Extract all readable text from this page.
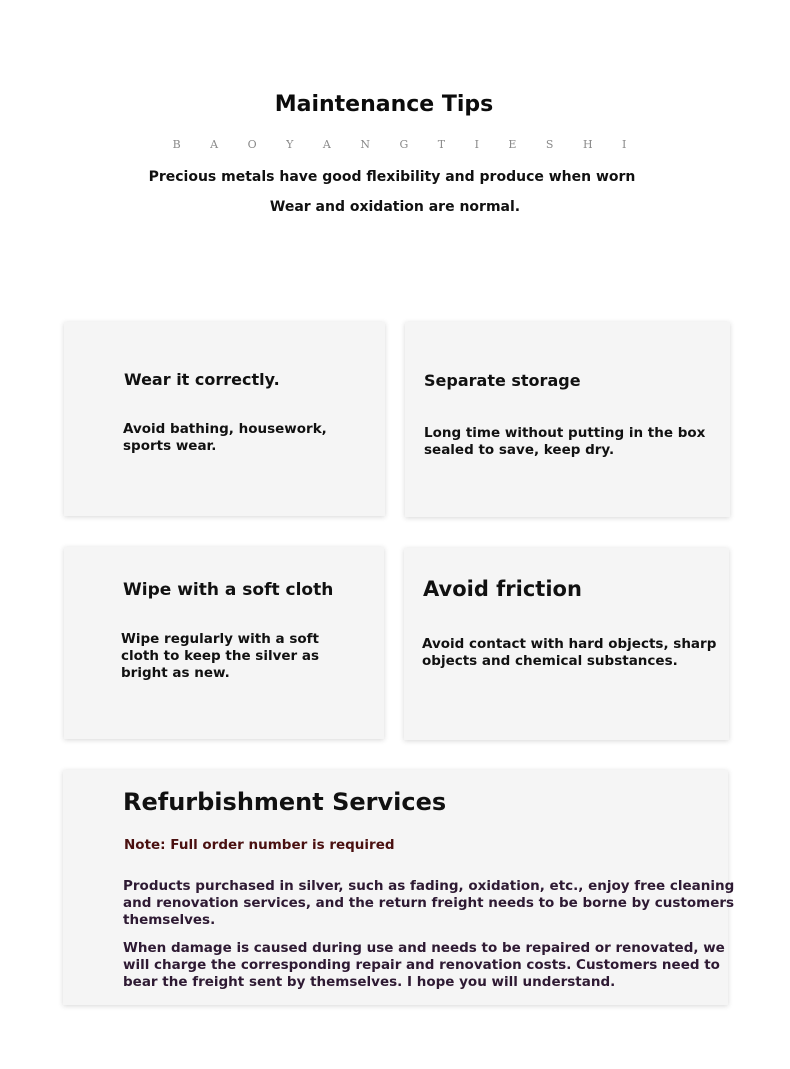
Maintenance Tips
B A O Y A N G T I E S H I
Precious metals have good flexibility and produce when worn
Wear and oxidation are normal.
Wear it correctly.
Avoid bathing, housework, sports wear.
Separate storage
Long time without putting in the box sealed to save, keep dry.
Wipe with a soft cloth
Wipe regularly with a soft cloth to keep the silver as bright as new.
Avoid friction
Avoid contact with hard objects, sharp objects and chemical substances.
Refurbishment Services
Note: Full order number is required
Products purchased in silver, such as fading, oxidation, etc., enjoy free cleaning and renovation services, and the return freight needs to be borne by customers themselves.
When damage is caused during use and needs to be repaired or renovated, we will charge the corresponding repair and renovation costs. Customers need to bear the freight sent by themselves. I hope you will understand.
